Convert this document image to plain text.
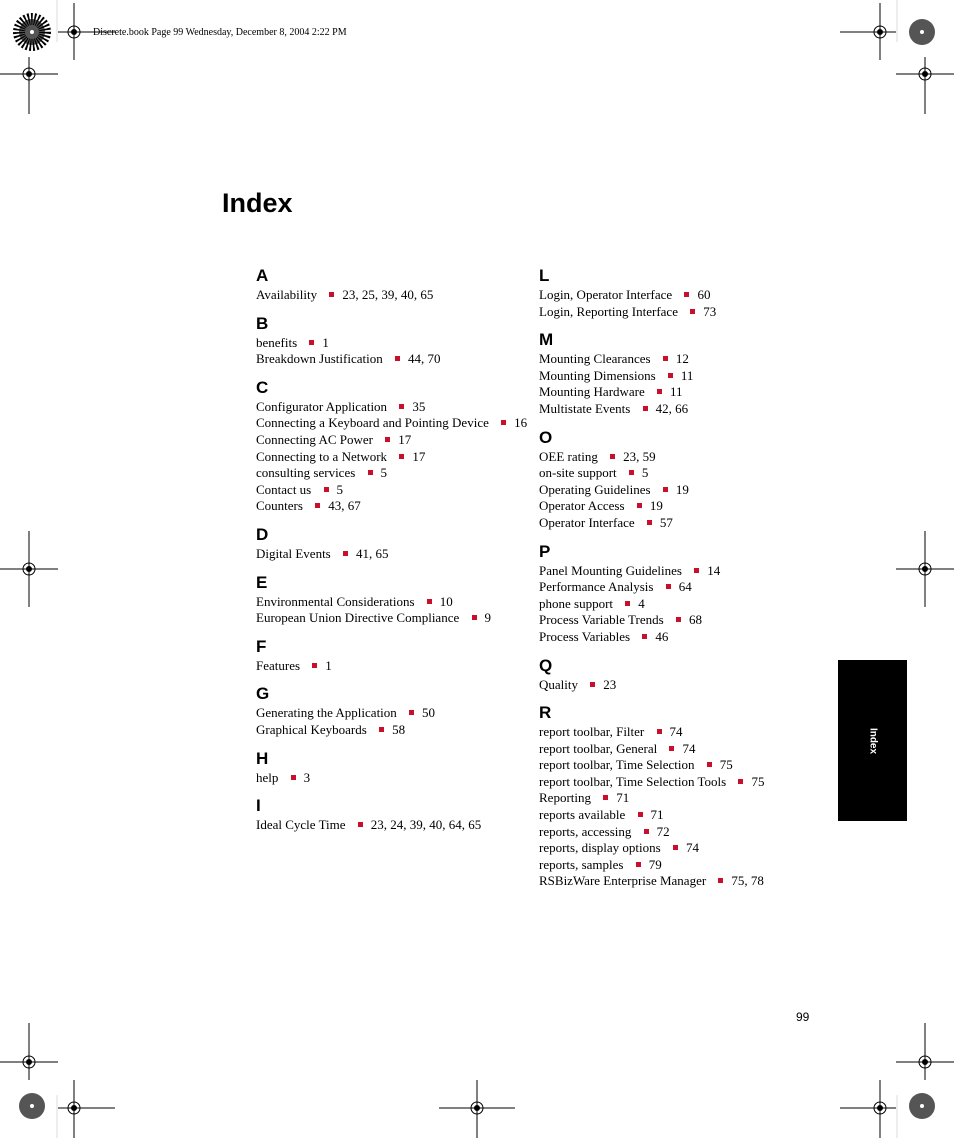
Discrete.book Page 99 Wednesday, December 8, 2004 2:22 PM
Index
A
Availability 23, 25, 39, 40, 65
B
benefits 1
Breakdown Justification 44, 70
C
Configurator Application 35
Connecting a Keyboard and Pointing Device 16
Connecting AC Power 17
Connecting to a Network 17
consulting services 5
Contact us 5
Counters 43, 67
D
Digital Events 41, 65
E
Environmental Considerations 10
European Union Directive Compliance 9
F
Features 1
G
Generating the Application 50
Graphical Keyboards 58
H
help 3
I
Ideal Cycle Time 23, 24, 39, 40, 64, 65
L
Login, Operator Interface 60
Login, Reporting Interface 73
M
Mounting Clearances 12
Mounting Dimensions 11
Mounting Hardware 11
Multistate Events 42, 66
O
OEE rating 23, 59
on-site support 5
Operating Guidelines 19
Operator Access 19
Operator Interface 57
P
Panel Mounting Guidelines 14
Performance Analysis 64
phone support 4
Process Variable Trends 68
Process Variables 46
Q
Quality 23
R
report toolbar, Filter 74
report toolbar, General 74
report toolbar, Time Selection 75
report toolbar, Time Selection Tools 75
Reporting 71
reports available 71
reports, accessing 72
reports, display options 74
reports, samples 79
RSBizWare Enterprise Manager 75, 78
Index
99
